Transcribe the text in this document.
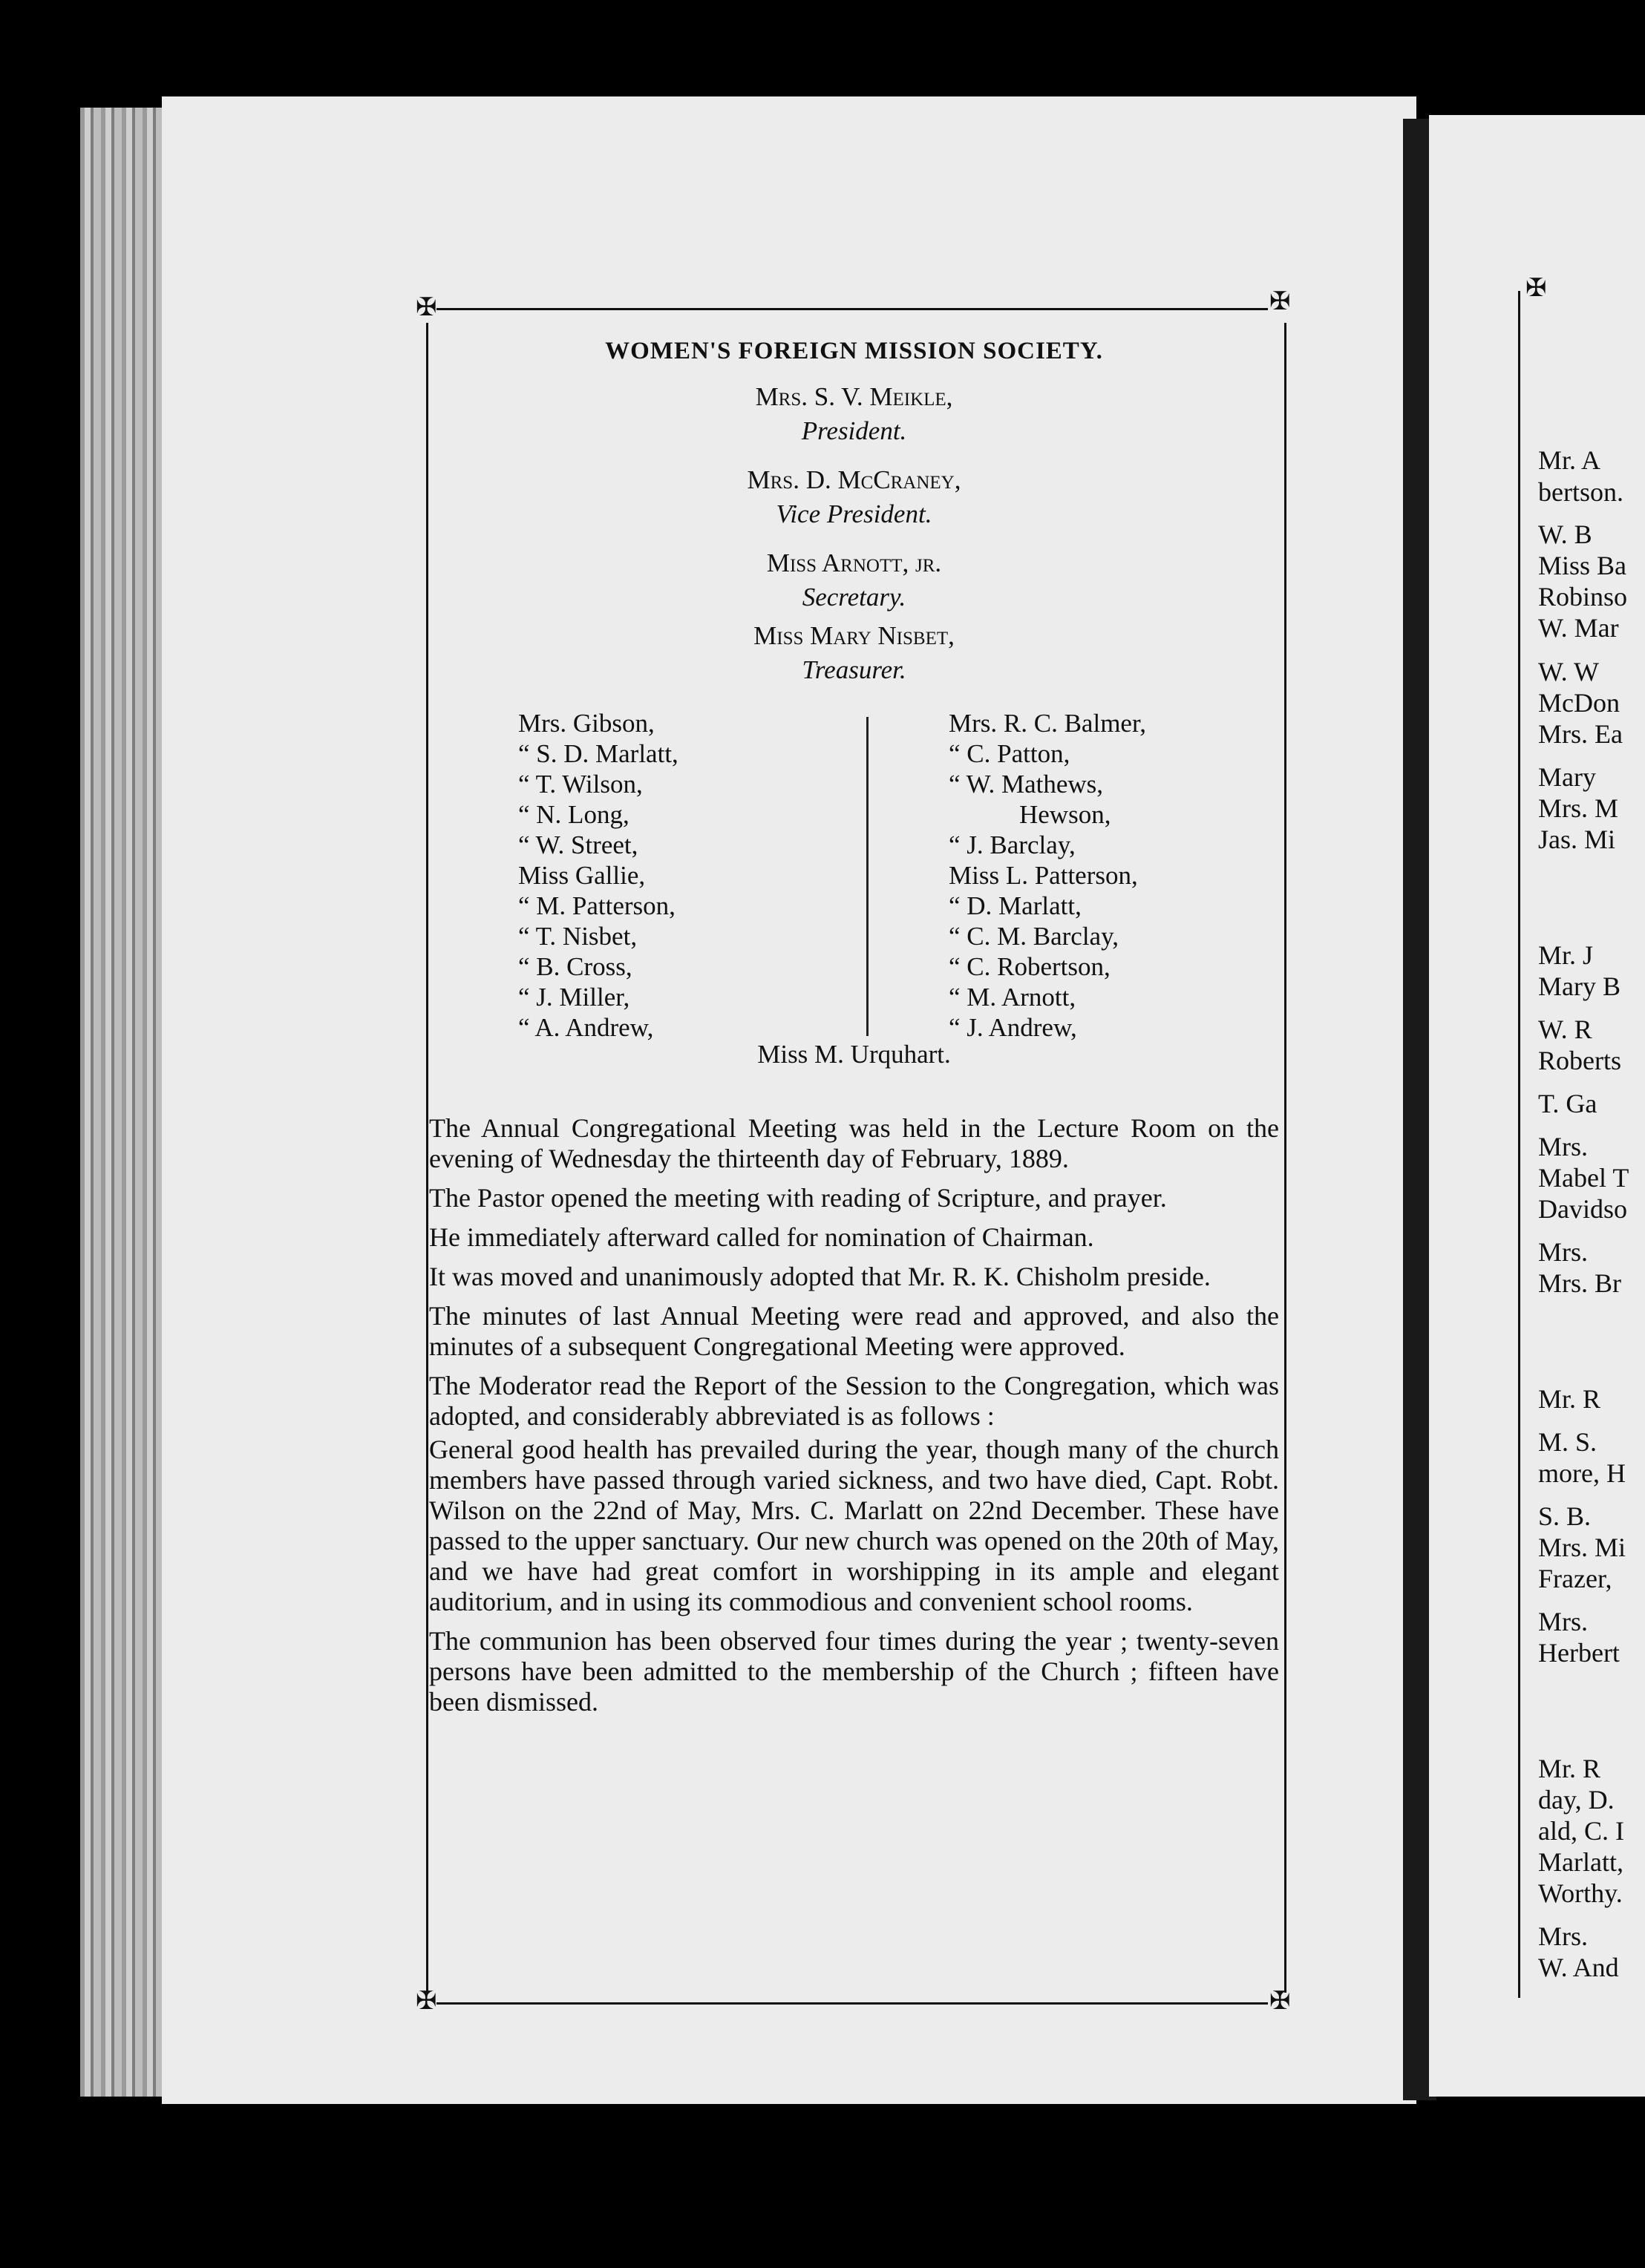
Mr. A
bertson.
W. B
Miss Ba
Robinso
W. Mar
W. W
McDon
Mrs. Ea
Mary
Mrs. M
Jas. Mi
Mr. J
Mary B
W. R
Roberts
T. Ga
Mrs.
Mabel T
Davidso
Mrs.
Mrs. Br
Mr. R
M. S.
more, H
S. B.
Mrs. Mi
Frazer,
Mrs.
Herbert
Mr. R
day, D.
ald, C. I
Marlatt,
Worthy.
Mrs.
W. And
✠
✠	✠
✠	✠
WOMEN'S FOREIGN MISSION SOCIETY.
Mrs. S. V. Meikle,
President.
Mrs. D. McCraney,
Vice President.
Miss Arnott, jr.
Secretary.
Miss Mary Nisbet,
Treasurer.
Mrs. Gibson,
“ S. D. Marlatt,
“ T. Wilson,
“ N. Long,
“ W. Street,
Miss Gallie,
“ M. Patterson,
“ T. Nisbet,
“ B. Cross,
“ J. Miller,
“ A. Andrew,
Mrs. R. C. Balmer,
“ C. Patton,
“ W. Mathews,
Hewson,
“ J. Barclay,
Miss L. Patterson,
“ D. Marlatt,
“ C. M. Barclay,
“ C. Robertson,
“ M. Arnott,
“ J. Andrew,
Miss M. Urquhart.

The Annual Congregational Meeting was held in the Lecture Room on the evening of Wednesday the thirteenth day of February, 1889.

The Pastor opened the meeting with reading of Scripture, and prayer.

He immediately afterward called for nomination of Chairman.

It was moved and unanimously adopted that Mr. R. K. Chisholm preside.

The minutes of last Annual Meeting were read and approved, and also the minutes of a subsequent Congregational Meeting were approved.

The Moderator read the Report of the Session to the Congregation, which was adopted, and considerably abbreviated is as follows :

General good health has prevailed during the year, though many of the church members have passed through varied sickness, and two have died, Capt. Robt. Wilson on the 22nd of May, Mrs. C. Marlatt on 22nd December. These have passed to the upper sanctuary. Our new church was opened on the 20th of May, and we have had great comfort in worshipping in its ample and elegant auditorium, and in using its commodious and convenient school rooms.

The communion has been observed four times during the year ; twenty-seven persons have been admitted to the membership of the Church ; fifteen have been dismissed.
